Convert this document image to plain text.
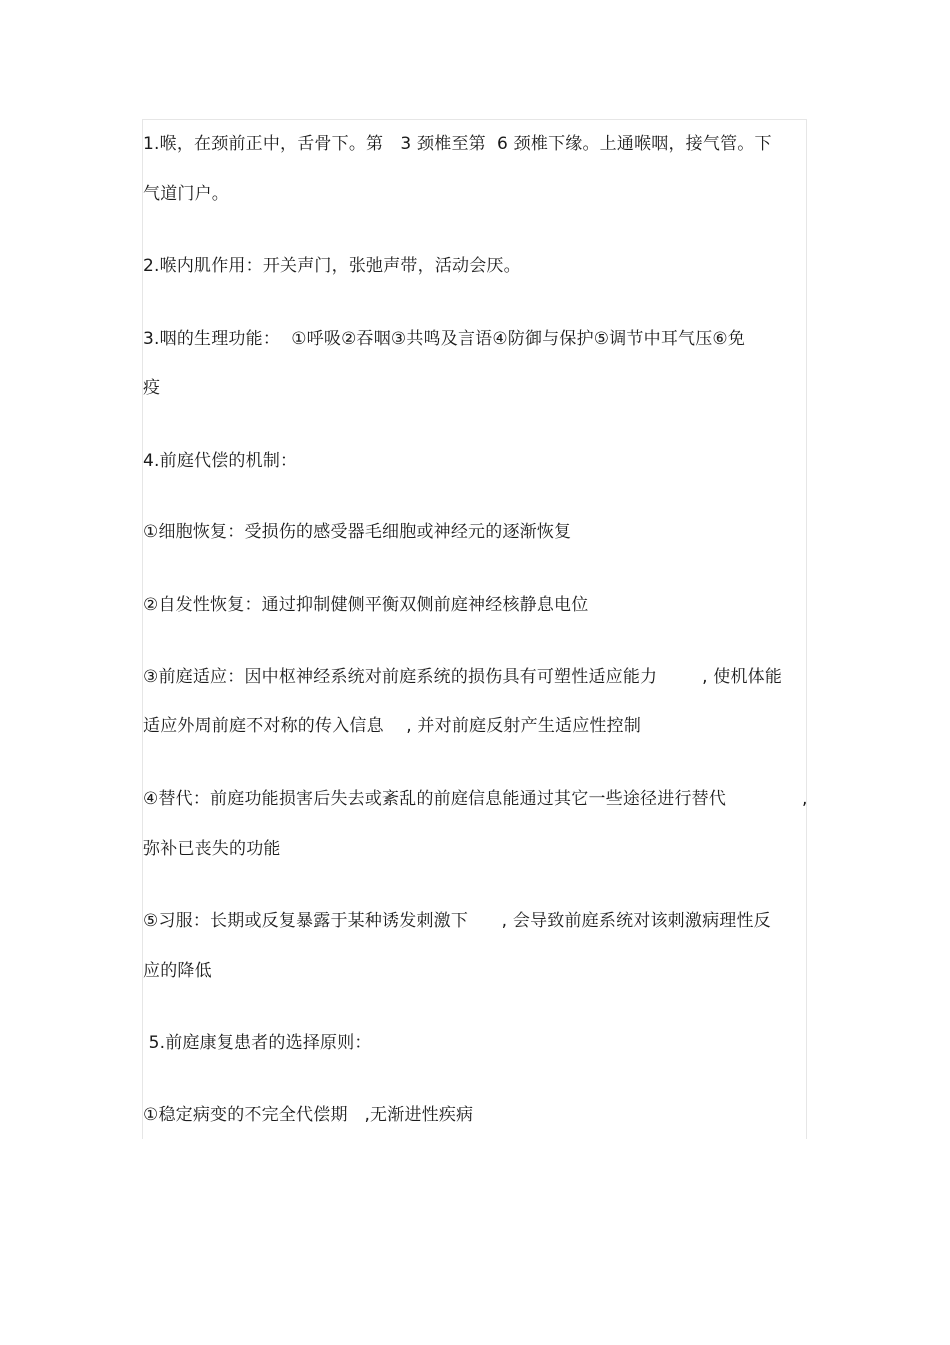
1.喉，在颈前正中，舌骨下。第　3 颈椎至第  6 颈椎下缘。上通喉咽，接气管。下
气道门户。
2.喉内肌作用：开关声门，张弛声带，活动会厌。
3.咽的生理功能：  ①呼吸②吞咽③共鸣及言语④防御与保护⑤调节中耳气压⑥免
疫
4.前庭代偿的机制：
①细胞恢复：受损伤的感受器毛细胞或神经元的逐渐恢复
②自发性恢复：通过抑制健侧平衡双侧前庭神经核静息电位
③前庭适应：因中枢神经系统对前庭系统的损伤具有可塑性适应能力        , 使机体能
适应外周前庭不对称的传入信息    , 并对前庭反射产生适应性控制
④替代：前庭功能损害后失去或紊乱的前庭信息能通过其它一些途径进行替代	,
弥补已丧失的功能
⑤习服：长期或反复暴露于某种诱发刺激下      , 会导致前庭系统对该刺激病理性反
应的降低
5.前庭康复患者的选择原则：
①稳定病变的不完全代偿期   ,无渐进性疾病
